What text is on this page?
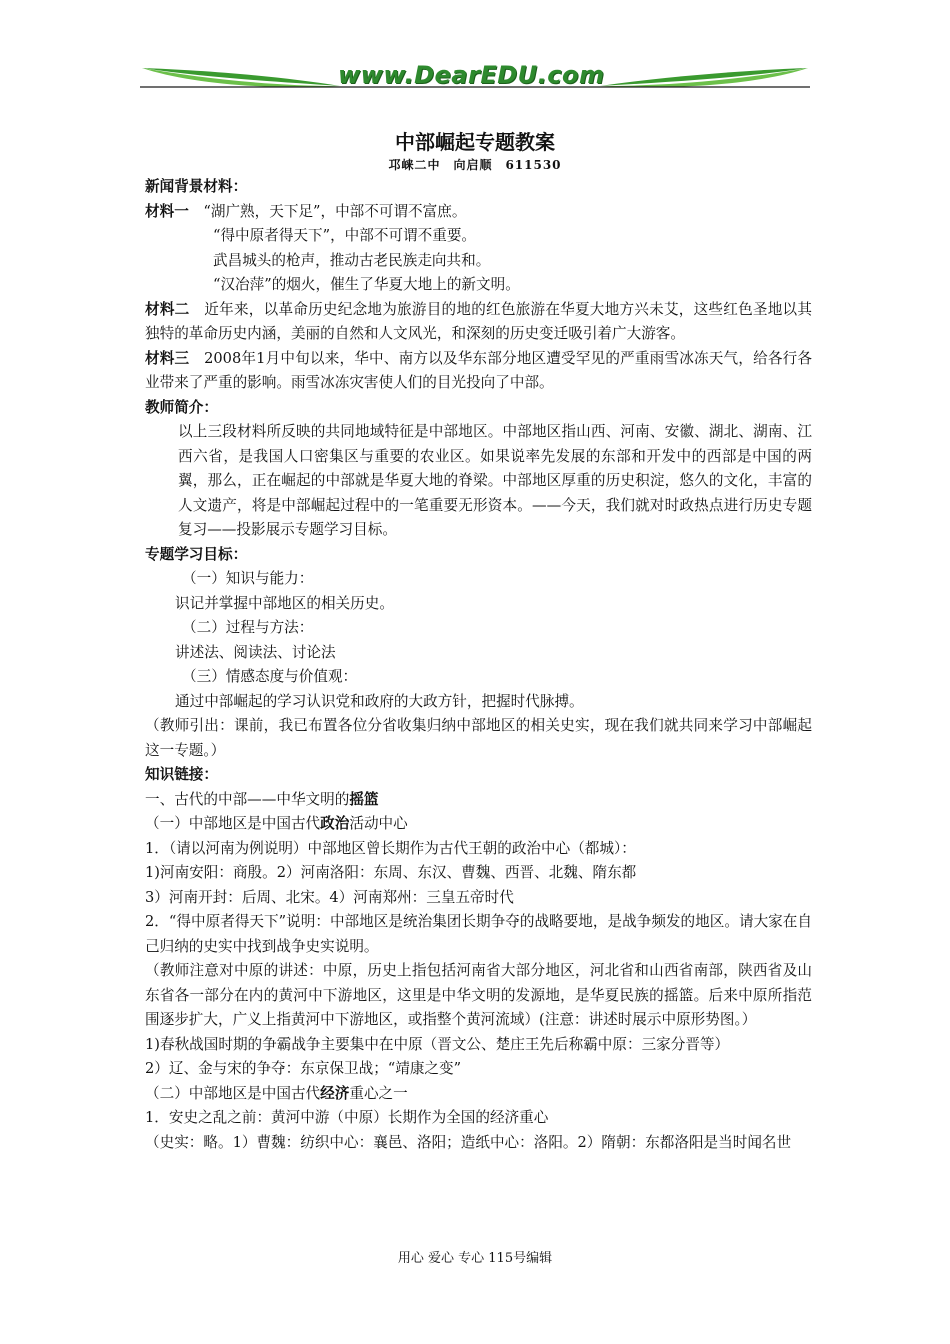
www.DearEDU.com
中部崛起专题教案
邛崃二中　向启顺　611530

新闻背景材料：

材料一　“湖广熟，天下足”，中部不可谓不富庶。

“得中原者得天下”，中部不可谓不重要。

武昌城头的枪声，推动古老民族走向共和。

“汉冶萍”的烟火，催生了华夏大地上的新文明。

材料二　近年来，以革命历史纪念地为旅游目的地的红色旅游在华夏大地方兴未艾，这些红色圣地以其独特的革命历史内涵，美丽的自然和人文风光，和深刻的历史变迁吸引着广大游客。

材料三　2008年1月中旬以来，华中、南方以及华东部分地区遭受罕见的严重雨雪冰冻天气，给各行各业带来了严重的影响。雨雪冰冻灾害使人们的目光投向了中部。

教师简介：

以上三段材料所反映的共同地域特征是中部地区。中部地区指山西、河南、安徽、湖北、湖南、江西六省，是我国人口密集区与重要的农业区。如果说率先发展的东部和开发中的西部是中国的两翼，那么，正在崛起的中部就是华夏大地的脊梁。中部地区厚重的历史积淀，悠久的文化，丰富的人文遗产，将是中部崛起过程中的一笔重要无形资本。——今天，我们就对时政热点进行历史专题复习——投影展示专题学习目标。

专题学习目标：

（一）知识与能力：

识记并掌握中部地区的相关历史。

（二）过程与方法：

讲述法、阅读法、讨论法

（三）情感态度与价值观：

通过中部崛起的学习认识党和政府的大政方针，把握时代脉搏。

（教师引出：课前，我已布置各位分省收集归纳中部地区的相关史实，现在我们就共同来学习中部崛起这一专题。）

知识链接：

一、古代的中部——中华文明的摇篮

（一）中部地区是中国古代政治活动中心

1．（请以河南为例说明）中部地区曾长期作为古代王朝的政治中心（都城）：

1)河南安阳：商殷。2）河南洛阳：东周、东汉、曹魏、西晋、北魏、隋东都

3）河南开封：后周、北宋。4）河南郑州：三皇五帝时代

2．“得中原者得天下”说明：中部地区是统治集团长期争夺的战略要地，是战争频发的地区。请大家在自己归纳的史实中找到战争史实说明。

（教师注意对中原的讲述：中原，历史上指包括河南省大部分地区，河北省和山西省南部，陕西省及山东省各一部分在内的黄河中下游地区，这里是中华文明的发源地，是华夏民族的摇篮。后来中原所指范围逐步扩大，广义上指黄河中下游地区，或指整个黄河流域）(注意：讲述时展示中原形势图。）

1)春秋战国时期的争霸战争主要集中在中原（晋文公、楚庄王先后称霸中原：三家分晋等）

2）辽、金与宋的争夺：东京保卫战；“靖康之变”

（二）中部地区是中国古代经济重心之一

1．安史之乱之前：黄河中游（中原）长期作为全国的经济重心

（史实：略。1）曹魏：纺织中心：襄邑、洛阳；造纸中心：洛阳。2）隋朝：东都洛阳是当时闻名世

用心 爱心 专心 115号编辑
